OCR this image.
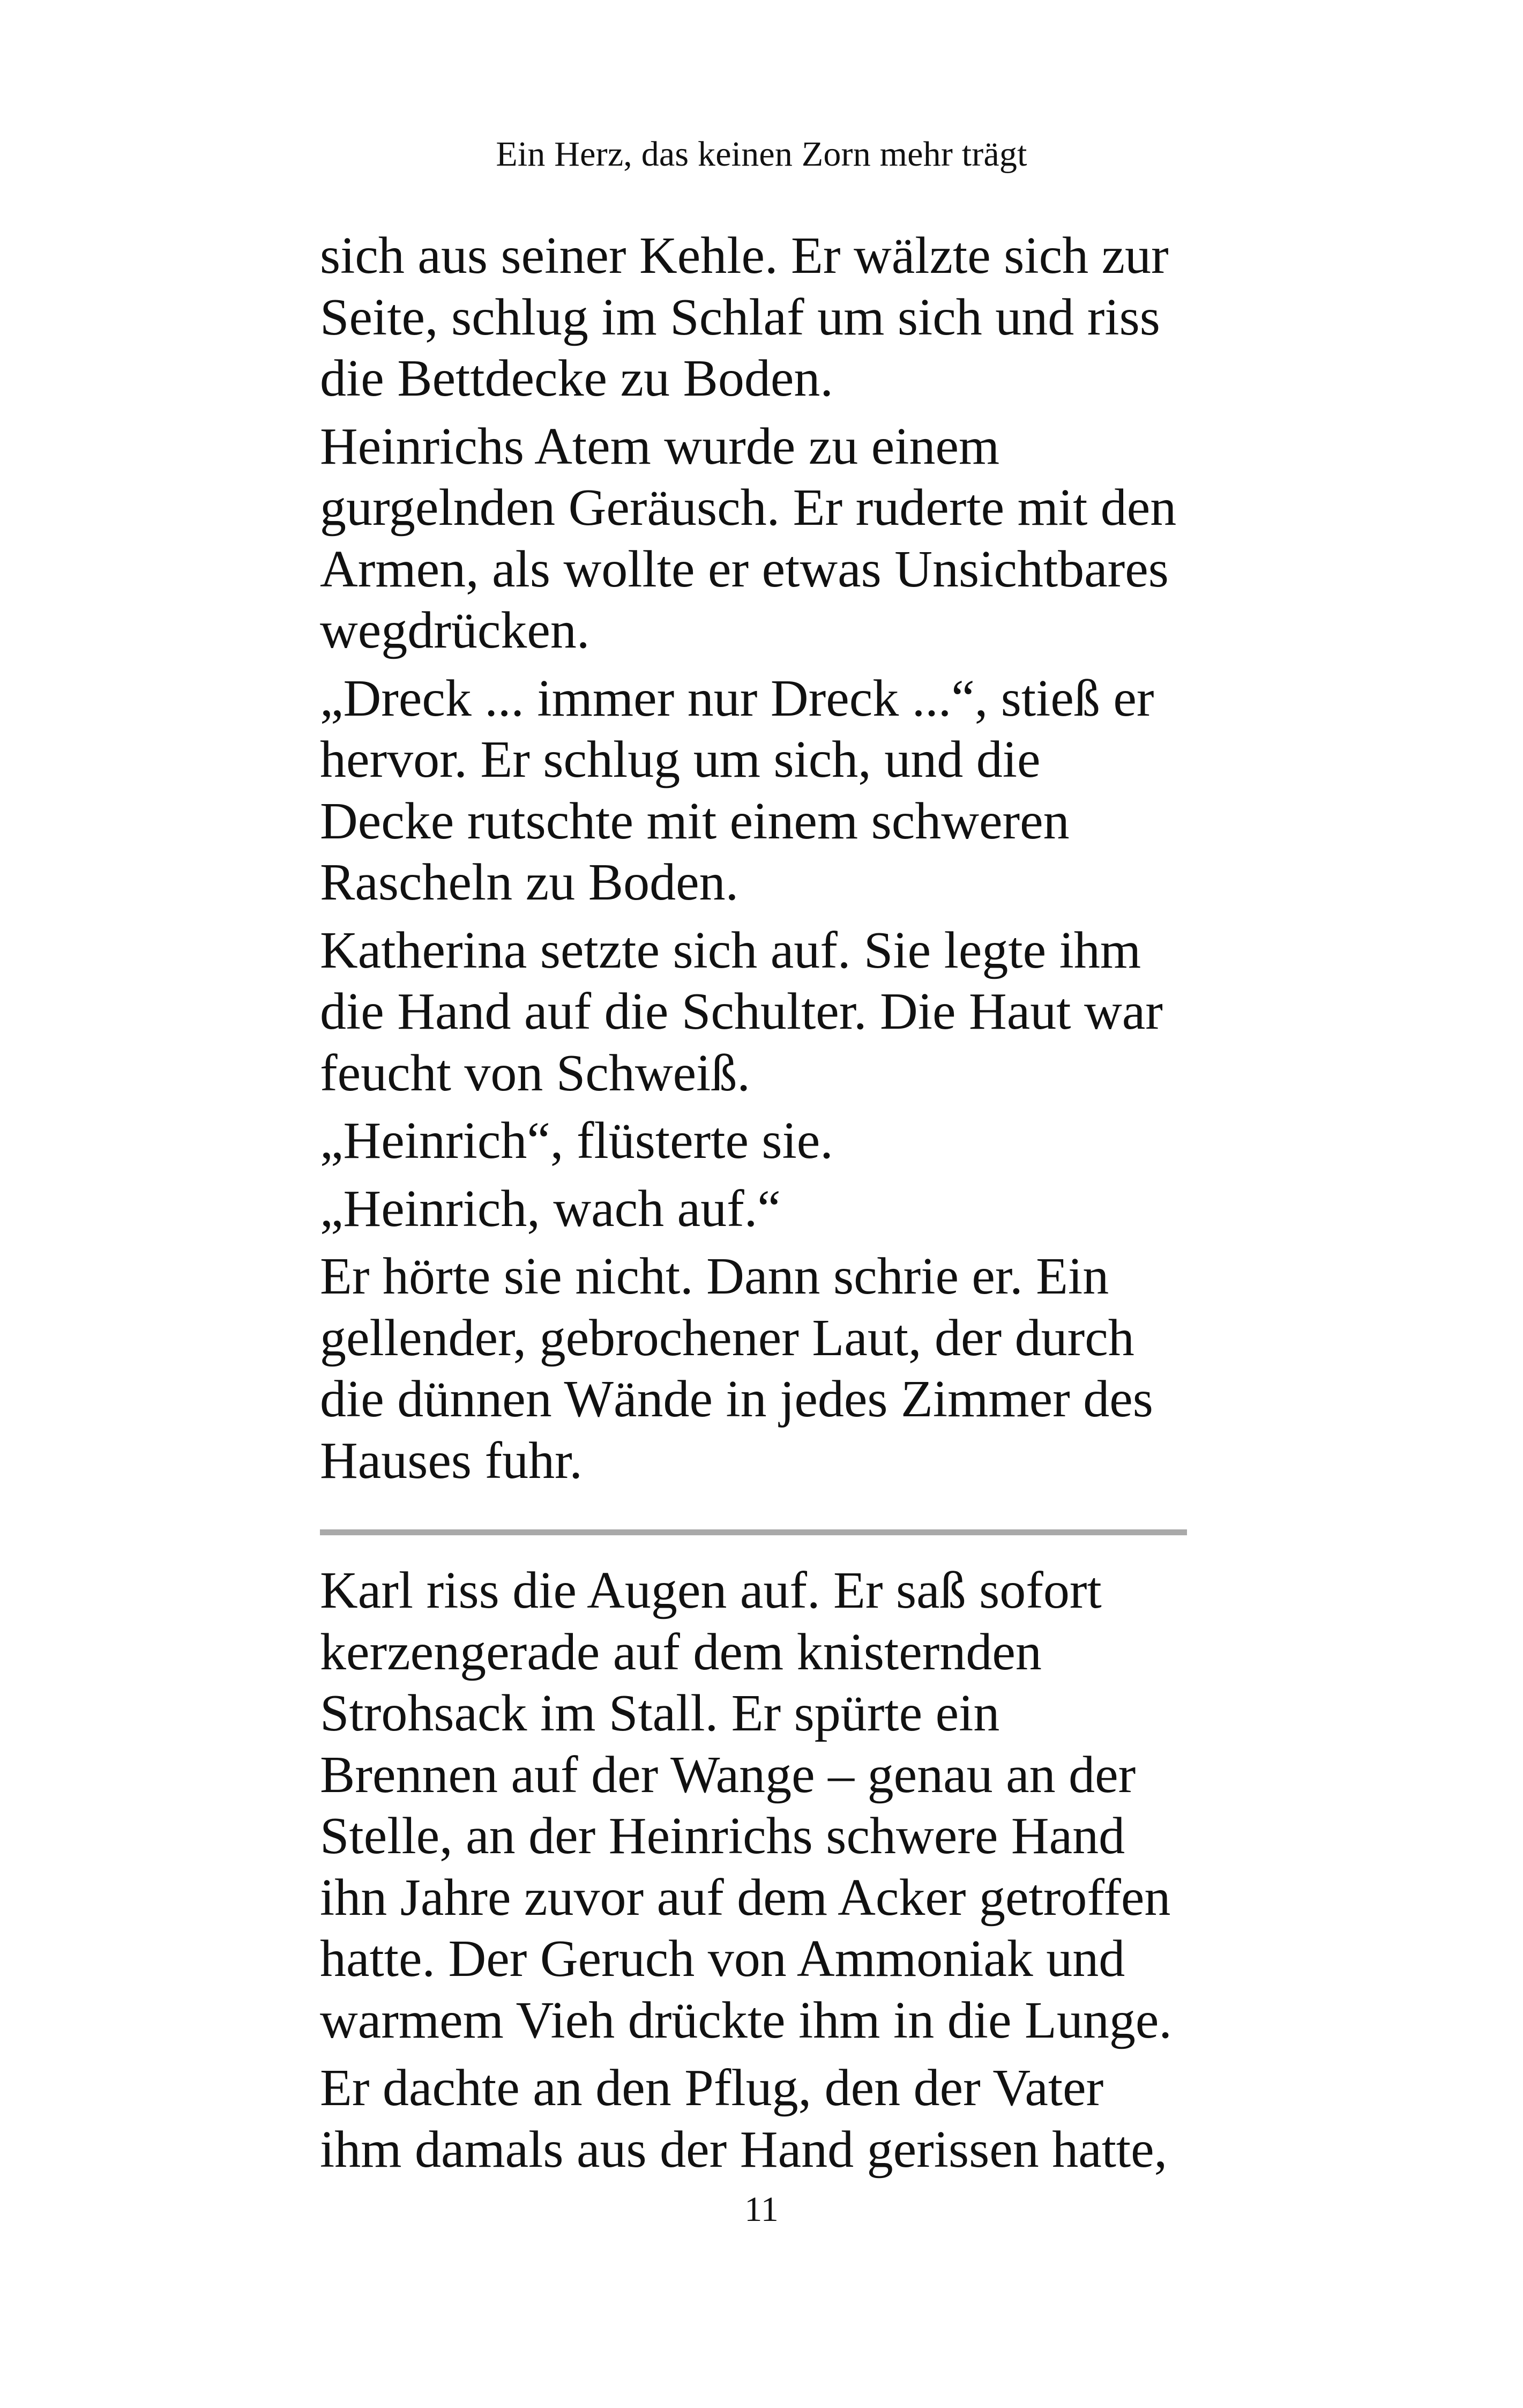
Ein Herz, das keinen Zorn mehr trägt

sich aus seiner Kehle. Er wälzte sich zur
Seite, schlug im Schlaf um sich und riss
die Bettdecke zu Boden.

Heinrichs Atem wurde zu einem
gurgelnden Geräusch. Er ruderte mit den
Armen, als wollte er etwas Unsichtbares
wegdrücken.

„Dreck ... immer nur Dreck ...“, stieß er
hervor. Er schlug um sich, und die
Decke rutschte mit einem schweren
Rascheln zu Boden.

Katherina setzte sich auf. Sie legte ihm
die Hand auf die Schulter. Die Haut war
feucht von Schweiß.

„Heinrich“, flüsterte sie.

„Heinrich, wach auf.“

Er hörte sie nicht. Dann schrie er. Ein
gellender, gebrochener Laut, der durch
die dünnen Wände in jedes Zimmer des
Hauses fuhr.

Karl riss die Augen auf. Er saß sofort
kerzengerade auf dem knisternden
Strohsack im Stall. Er spürte ein
Brennen auf der Wange – genau an der
Stelle, an der Heinrichs schwere Hand
ihn Jahre zuvor auf dem Acker getroffen
hatte. Der Geruch von Ammoniak und
warmem Vieh drückte ihm in die Lunge.

Er dachte an den Pflug, den der Vater
ihm damals aus der Hand gerissen hatte,

11
